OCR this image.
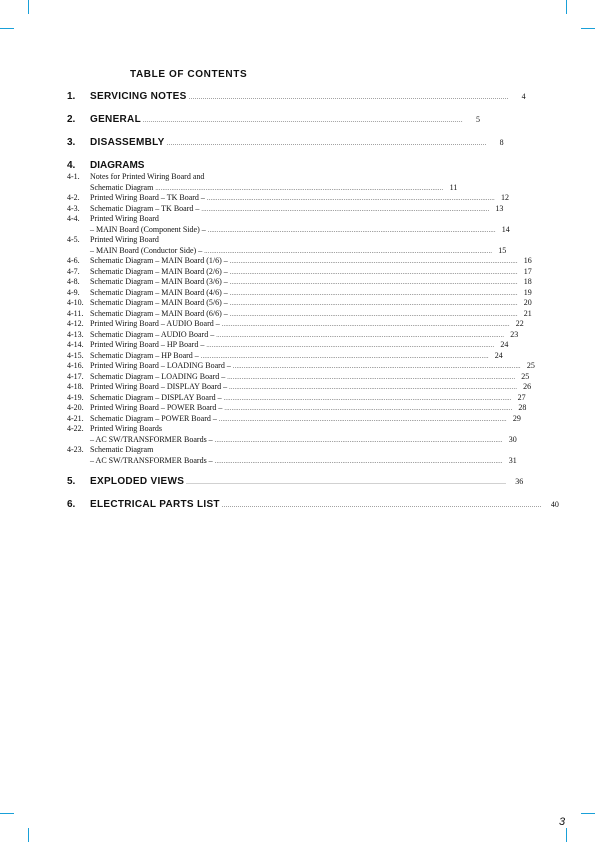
TABLE OF CONTENTS
1.	SERVICING NOTES ................................................................................................................................................................	4
2.	GENERAL ................................................................................................................................................................	5
3.	DISASSEMBLY ................................................................................................................................................................	8
4.	DIAGRAMS
4-1.	Notes for Printed Wiring Board and
Schematic Diagram ................................................................................................................................................................ 11
4-2.	Printed Wiring Board – TK Board – ................................................................................................................................................................ 12
4-3.	Schematic Diagram – TK Board – ................................................................................................................................................................ 13
4-4.	Printed Wiring Board
– MAIN Board (Component Side) – ................................................................................................................................................................ 14
4-5.	Printed Wiring Board
– MAIN Board (Conductor Side) – ................................................................................................................................................................ 15
4-6.	Schematic Diagram – MAIN Board (1/6) – ................................................................................................................................................................ 16
4-7.	Schematic Diagram – MAIN Board (2/6) – ................................................................................................................................................................ 17
4-8.	Schematic Diagram – MAIN Board (3/6) – ................................................................................................................................................................ 18
4-9.	Schematic Diagram – MAIN Board (4/6) – ................................................................................................................................................................ 19
4-10. Schematic Diagram – MAIN Board (5/6) – ................................................................................................................................................................ 20
4-11. Schematic Diagram – MAIN Board (6/6) – ................................................................................................................................................................ 21
4-12. Printed Wiring Board – AUDIO Board – ................................................................................................................................................................ 22
4-13. Schematic Diagram – AUDIO Board – ................................................................................................................................................................ 23
4-14. Printed Wiring Board – HP Board – ................................................................................................................................................................ 24
4-15. Schematic Diagram – HP Board – ................................................................................................................................................................ 24
4-16. Printed Wiring Board – LOADING Board – ................................................................................................................................................................ 25
4-17. Schematic Diagram – LOADING Board – ................................................................................................................................................................ 25
4-18. Printed Wiring Board – DISPLAY Board – ................................................................................................................................................................ 26
4-19. Schematic Diagram – DISPLAY Board – ................................................................................................................................................................ 27
4-20. Printed Wiring Board – POWER Board – ................................................................................................................................................................ 28
4-21. Schematic Diagram – POWER Board – ................................................................................................................................................................ 29
4-22. Printed Wiring Boards
– AC SW/TRANSFORMER Boards – ................................................................................................................................................................ 30
4-23. Schematic Diagram
– AC SW/TRANSFORMER Boards – ................................................................................................................................................................ 31
5.	EXPLODED VIEWS ................................................................................................................................................................	36
6.	ELECTRICAL PARTS LIST ................................................................................................................................................................	40
3
